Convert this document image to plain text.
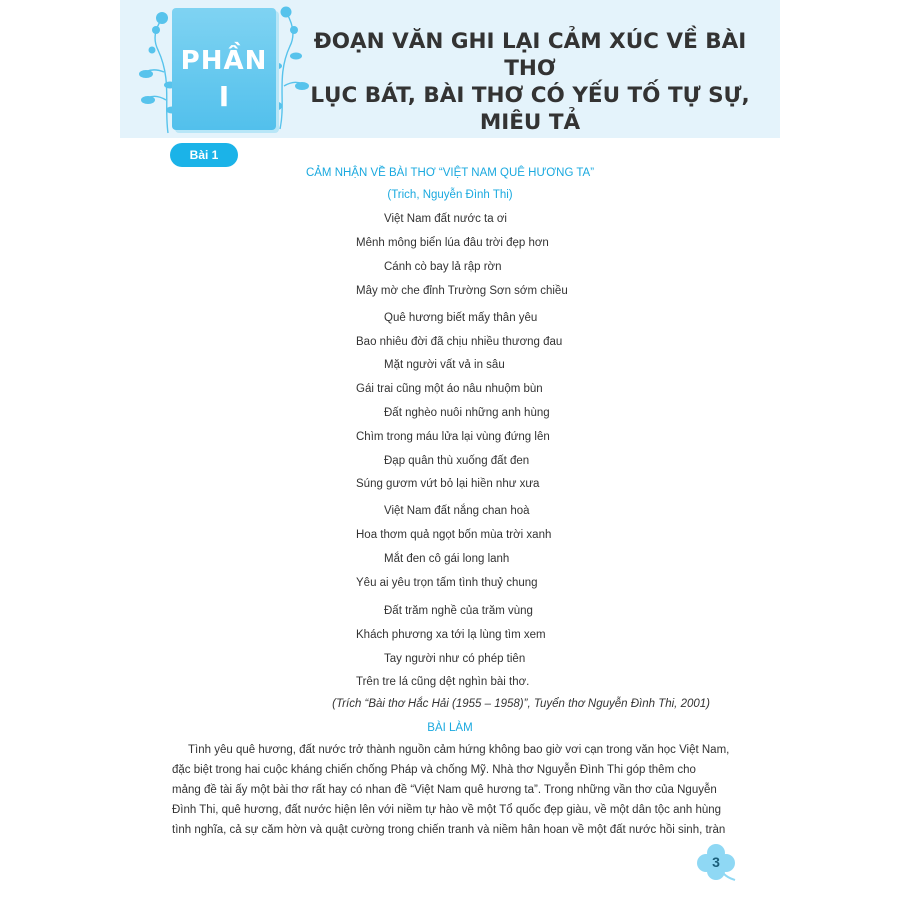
PHẦN
I
ĐOẠN VĂN GHI LẠI CẢM XÚC VỀ BÀI THƠ
LỤC BÁT, BÀI THƠ CÓ YẾU TỐ TỰ SỰ,
MIÊU TẢ
Bài 1
CẢM NHẬN VỀ BÀI THƠ “VIỆT NAM QUÊ HƯƠNG TA”
(Trich, Nguyễn Đình Thi)
Việt Nam đất nước ta ơi
Mênh mông biển lúa đâu trời đẹp hơn
Cánh cò bay lả rập rờn
Mây mờ che đỉnh Trường Sơn sớm chiều
Quê hương biết mấy thân yêu
Bao nhiêu đời đã chịu nhiều thương đau
Mặt người vất vả in sâu
Gái trai cũng một áo nâu nhuộm bùn
Đất nghèo nuôi những anh hùng
Chìm trong máu lửa lại vùng đứng lên
Đạp quân thù xuống đất đen
Súng gươm vứt bỏ lại hiền như xưa
Việt Nam đất nắng chan hoà
Hoa thơm quả ngọt bốn mùa trời xanh
Mắt đen cô gái long lanh
Yêu ai yêu trọn tấm tình thuỷ chung
Đất trăm nghề của trăm vùng
Khách phương xa tới lạ lùng tìm xem
Tay người như có phép tiên
Trên tre lá cũng dệt nghìn bài thơ.
(Trích “Bài thơ Hắc Hải (1955 – 1958)”, Tuyển thơ Nguyễn Đình Thi, 2001)
BÀI LÀM
Tình yêu quê hương, đất nước trở thành nguồn cảm hứng không bao giờ vơi cạn trong văn học Việt Nam,
đặc biệt trong hai cuộc kháng chiến chống Pháp và chống Mỹ. Nhà thơ Nguyễn Đình Thi góp thêm cho
mảng đề tài ấy một bài thơ rất hay có nhan đề “Việt Nam quê hương ta”. Trong những vần thơ của Nguyễn
Đình Thi, quê hương, đất nước hiện lên với niềm tự hào về một Tổ quốc đẹp giàu, về một dân tộc anh hùng
tình nghĩa, cả sự căm hờn và quật cường trong chiến tranh và niềm hân hoan về một đất nước hồi sinh, tràn
3
